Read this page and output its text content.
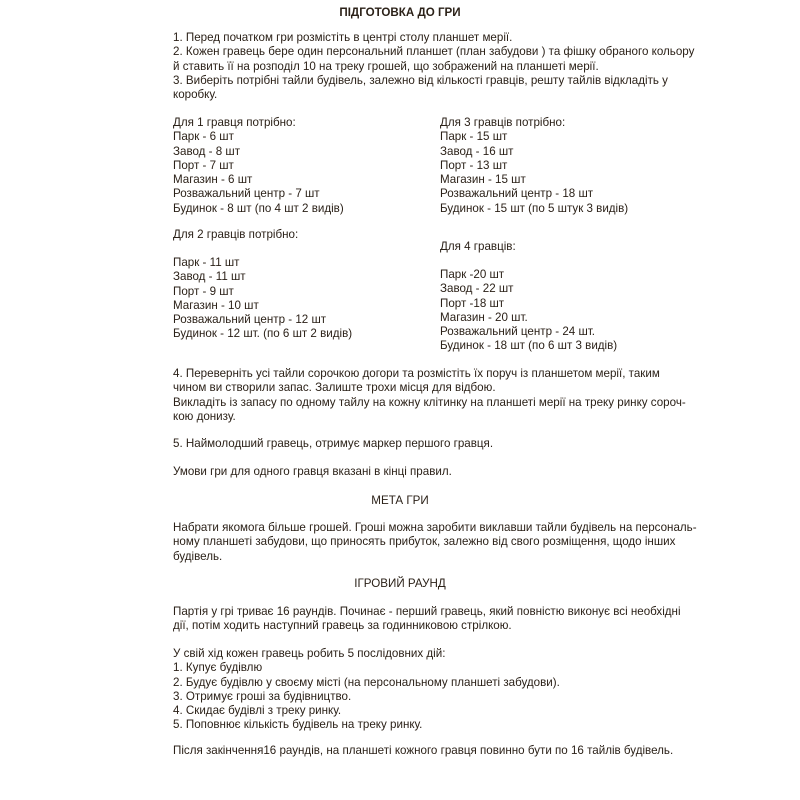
ПІДГОТОВКА ДО ГРИ
1. Перед початком гри розмістіть в центрі столу планшет мерії.
2. Кожен гравець бере один персональний планшет (план забудови ) та фішку обраного кольору
й ставить її на розподіл 10 на треку грошей, що зображений на планшеті мерії.
3. Виберіть потрібні тайли будівель, залежно від кількості гравців, решту тайлів відкладіть у
коробку.
Для 1 гравця потрібно:
Парк - 6 шт
Завод - 8 шт
Порт - 7 шт
Магазин - 6 шт
Розважальний центр - 7 шт
Будинок - 8 шт (по 4 шт 2 видів)
Для 3 гравців потрібно:
Парк - 15 шт
Завод - 16 шт
Порт - 13 шт
Магазин - 15 шт
Розважальний центр - 18 шт
Будинок - 15 шт (по 5 штук 3 видів)
Для 2 гравців потрібно:
Парк - 11 шт
Завод - 11 шт
Порт - 9 шт
Магазин - 10 шт
Розважальний центр - 12 шт
Будинок - 12 шт. (по 6 шт 2 видів)
Для 4 гравців:
Парк -20 шт
Завод - 22 шт
Порт -18 шт
Магазин - 20 шт.
Розважальний центр - 24 шт.
Будинок - 18 шт (по 6 шт 3 видів)
4. Переверніть усі тайли сорочкою догори та розмістіть їх поруч із планшетом мерії, таким
чином ви створили запас. Залиште трохи місця для відбою.
Викладіть із запасу по одному тайлу на кожну клітинку на планшеті мерії на треку ринку сороч-
кою донизу.
5. Наймолодший гравець, отримує маркер першого гравця.
Умови гри для одного гравця вказані в кінці правил.
МЕТА ГРИ
Набрати якомога більше грошей. Гроші можна заробити виклавши тайли будівель на персональ-
ному планшеті забудови, що приносять прибуток, залежно від свого розміщення, щодо інших
будівель.
ІГРОВИЙ РАУНД
Партія у грі триває 16 раундів. Починає - перший гравець, який повністю виконує всі необхідні
дії, потім ходить наступний гравець за годинниковою стрілкою.
У свій хід кожен гравець робить 5 послідовних дій:
1. Купує будівлю
2. Будує будівлю у своєму місті (на персональному планшеті забудови).
3. Отримує гроші за будівництво.
4. Скидає будівлі з треку ринку.
5. Поповнює кількість будівель на треку ринку.
Після закінчення16 раундів, на планшеті кожного гравця повинно бути по 16 тайлів будівель.
